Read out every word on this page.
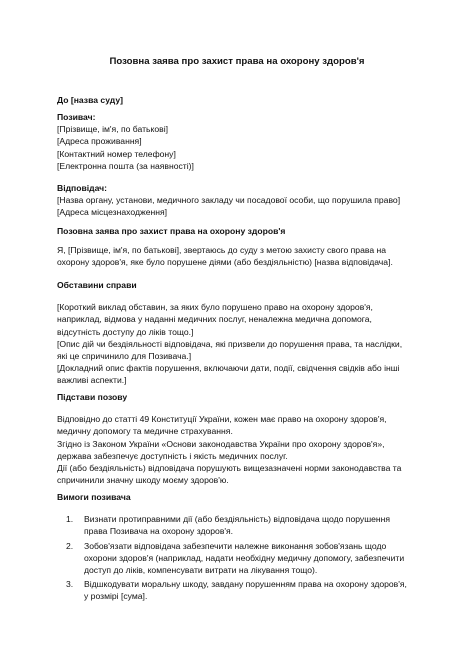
Позовна заява про захист права на охорону здоров'я
До [назва суду]
Позивач:
[Прізвище, ім'я, по батькові]
[Адреса проживання]
[Контактний номер телефону]
[Електронна пошта (за наявності)]
Відповідач:
[Назва органу, установи, медичного закладу чи посадової особи, що порушила право]
[Адреса місцезнаходження]
Позовна заява про захист права на охорону здоров'я
Я, [Прізвище, ім'я, по батькові], звертаюсь до суду з метою захисту свого права на
охорону здоров'я, яке було порушене діями (або бездіяльністю) [назва відповідача].
Обставини справи
[Короткий виклад обставин, за яких було порушено право на охорону здоров'я,
наприклад, відмова у наданні медичних послуг, неналежна медична допомога,
відсутність доступу до ліків тощо.]
[Опис дій чи бездіяльності відповідача, які призвели до порушення права, та наслідки,
які це спричинило для Позивача.]
[Докладний опис фактів порушення, включаючи дати, події, свідчення свідків або інші
важливі аспекти.]
Підстави позову
Відповідно до статті 49 Конституції України, кожен має право на охорону здоров'я,
медичну допомогу та медичне страхування.
Згідно із Законом України «Основи законодавства України про охорону здоров'я»,
держава забезпечує доступність і якість медичних послуг.
Дії (або бездіяльність) відповідача порушують вищезазначені норми законодавства та
спричинили значну шкоду моєму здоров'ю.
Вимоги позивача
1. Визнати протиправними дії (або бездіяльність) відповідача щодо порушення
права Позивача на охорону здоров'я.
2. Зобов'язати відповідача забезпечити належне виконання зобов'язань щодо
охорони здоров'я (наприклад, надати необхідну медичну допомогу, забезпечити
доступ до ліків, компенсувати витрати на лікування тощо).
3. Відшкодувати моральну шкоду, завдану порушенням права на охорону здоров'я,
у розмірі [сума].
